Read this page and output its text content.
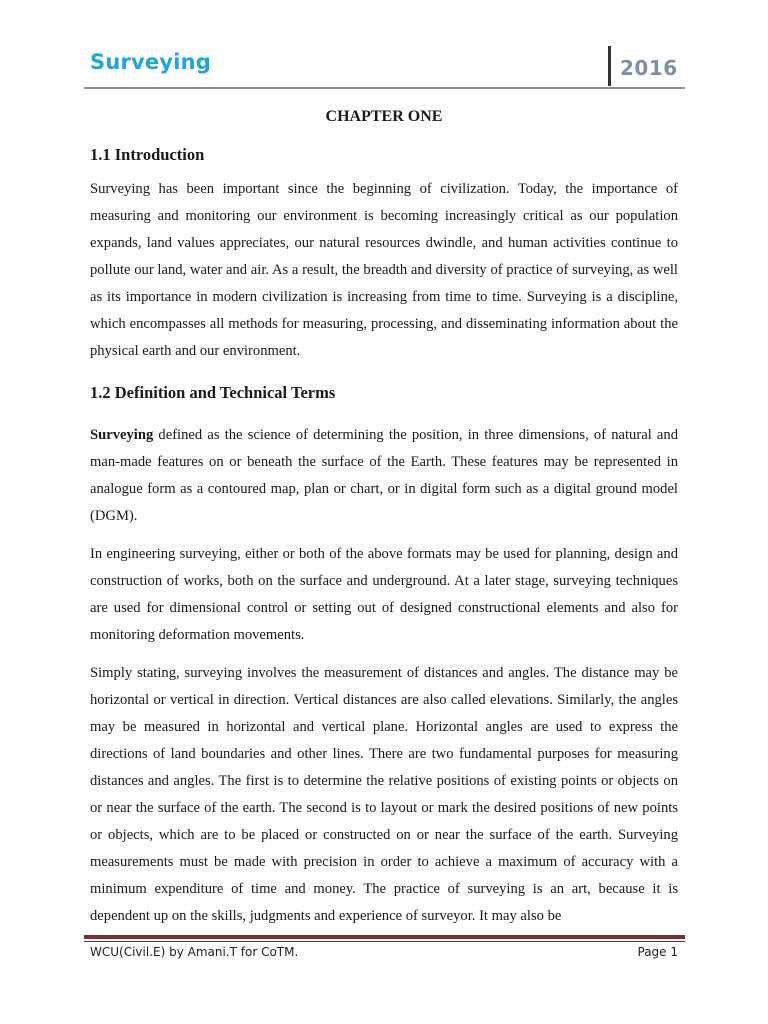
Surveying	2016
CHAPTER ONE
1.1 Introduction

Surveying has been important since the beginning of civilization. Today, the importance of measuring and monitoring our environment is becoming increasingly critical as our population expands, land values appreciates, our natural resources dwindle, and human activities continue to pollute our land, water and air. As a result, the breadth and diversity of practice of surveying, as well as its importance in modern civilization is increasing from time to time. Surveying is a discipline, which encompasses all methods for measuring, processing, and disseminating information about the physical earth and our environment.

1.2 Definition and Technical Terms

Surveying defined as the science of determining the position, in three dimensions, of natural and man-made features on or beneath the surface of the Earth. These features may be represented in analogue form as a contoured map, plan or chart, or in digital form such as a digital ground model (DGM).

In engineering surveying, either or both of the above formats may be used for planning, design and construction of works, both on the surface and underground. At a later stage, surveying techniques are used for dimensional control or setting out of designed constructional elements and also for monitoring deformation movements.

Simply stating, surveying involves the measurement of distances and angles. The distance may be horizontal or vertical in direction. Vertical distances are also called elevations. Similarly, the angles may be measured in horizontal and vertical plane. Horizontal angles are used to express the directions of land boundaries and other lines. There are two fundamental purposes for measuring distances and angles. The first is to determine the relative positions of existing points or objects on or near the surface of the earth. The second is to layout or mark the desired positions of new points or objects, which are to be placed or constructed on or near the surface of the earth. Surveying measurements must be made with precision in order to achieve a maximum of accuracy with a minimum expenditure of time and money. The practice of surveying is an art, because it is dependent up on the skills, judgments and experience of surveyor. It may also be

WCU(Civil.E) by Amani.T for CoTM.	Page 1
